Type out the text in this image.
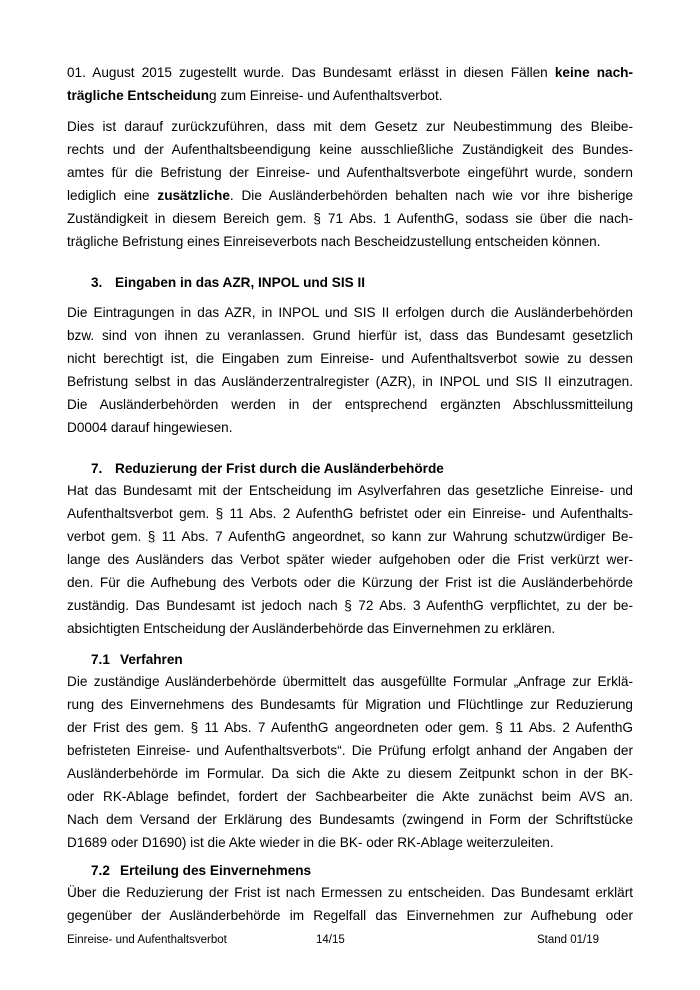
01. August 2015 zugestellt wurde. Das Bundesamt erlässt in diesen Fällen keine nach-
trägliche Entscheidung zum Einreise- und Aufenthaltsverbot.
Dies ist darauf zurückzuführen, dass mit dem Gesetz zur Neubestimmung des Bleibe-
rechts und der Aufenthaltsbeendigung keine ausschließliche Zuständigkeit des Bundes-
amtes für die Befristung der Einreise- und Aufenthaltsverbote eingeführt wurde, sondern
lediglich eine zusätzliche. Die Ausländerbehörden behalten nach wie vor ihre bisherige
Zuständigkeit in diesem Bereich gem. § 71 Abs. 1 AufenthG, sodass sie über die nach-
trägliche Befristung eines Einreiseverbots nach Bescheidzustellung entscheiden können.
3. Eingaben in das AZR, INPOL und SIS II
Die Eintragungen in das AZR, in INPOL und SIS II erfolgen durch die Ausländerbehörden
bzw. sind von ihnen zu veranlassen. Grund hierfür ist, dass das Bundesamt gesetzlich
nicht berechtigt ist, die Eingaben zum Einreise- und Aufenthaltsverbot sowie zu dessen
Befristung selbst in das Ausländerzentralregister (AZR), in INPOL und SIS II einzutragen.
Die Ausländerbehörden werden in der entsprechend ergänzten Abschlussmitteilung
D0004 darauf hingewiesen.
7. Reduzierung der Frist durch die Ausländerbehörde
Hat das Bundesamt mit der Entscheidung im Asylverfahren das gesetzliche Einreise- und
Aufenthaltsverbot gem. § 11 Abs. 2 AufenthG befristet oder ein Einreise- und Aufenthalts-
verbot gem. § 11 Abs. 7 AufenthG angeordnet, so kann zur Wahrung schutzwürdiger Be-
lange des Ausländers das Verbot später wieder aufgehoben oder die Frist verkürzt wer-
den. Für die Aufhebung des Verbots oder die Kürzung der Frist ist die Ausländerbehörde
zuständig. Das Bundesamt ist jedoch nach § 72 Abs. 3 AufenthG verpflichtet, zu der be-
absichtigten Entscheidung der Ausländerbehörde das Einvernehmen zu erklären.
7.1 Verfahren
Die zuständige Ausländerbehörde übermittelt das ausgefüllte Formular „Anfrage zur Erklä-
rung des Einvernehmens des Bundesamts für Migration und Flüchtlinge zur Reduzierung
der Frist des gem. § 11 Abs. 7 AufenthG angeordneten oder gem. § 11 Abs. 2 AufenthG
befristeten Einreise- und Aufenthaltsverbots“. Die Prüfung erfolgt anhand der Angaben der
Ausländerbehörde im Formular. Da sich die Akte zu diesem Zeitpunkt schon in der BK-
oder RK-Ablage befindet, fordert der Sachbearbeiter die Akte zunächst beim AVS an.
Nach dem Versand der Erklärung des Bundesamts (zwingend in Form der Schriftstücke
D1689 oder D1690) ist die Akte wieder in die BK- oder RK-Ablage weiterzuleiten.
7.2 Erteilung des Einvernehmens
Über die Reduzierung der Frist ist nach Ermessen zu entscheiden. Das Bundesamt erklärt
gegenüber der Ausländerbehörde im Regelfall das Einvernehmen zur Aufhebung oder
Einreise- und Aufenthaltsverbot	14/15	Stand 01/19
